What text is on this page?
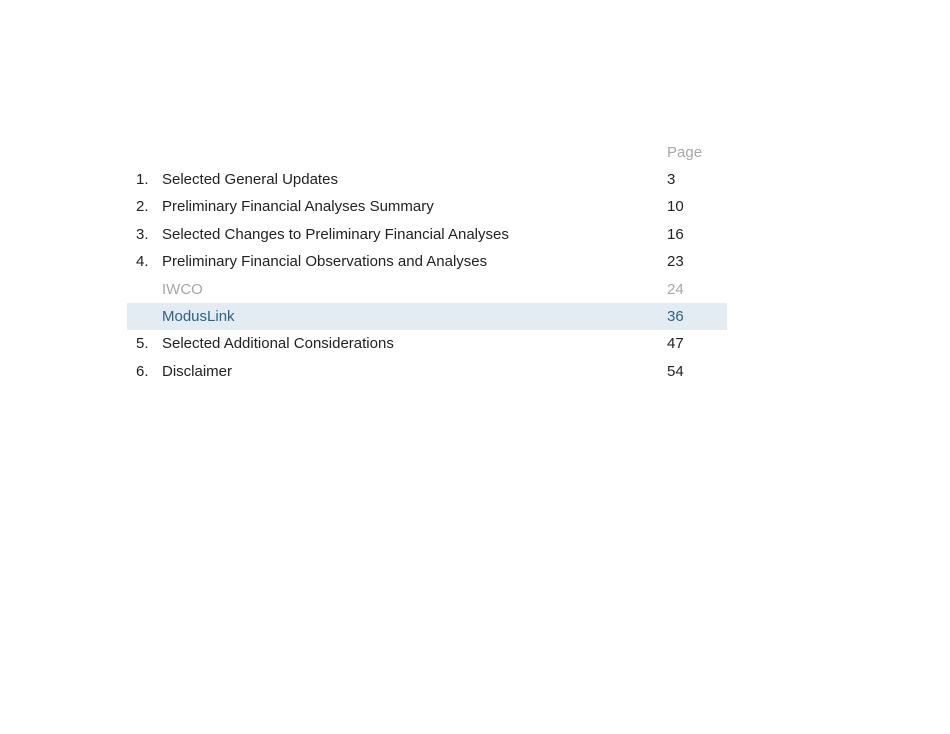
Page
1. Selected General Updates	3
2. Preliminary Financial Analyses Summary	10
3. Selected Changes to Preliminary Financial Analyses	16
4. Preliminary Financial Observations and Analyses	23
IWCO	24
ModusLink	36
5. Selected Additional Considerations	47
6. Disclaimer	54
